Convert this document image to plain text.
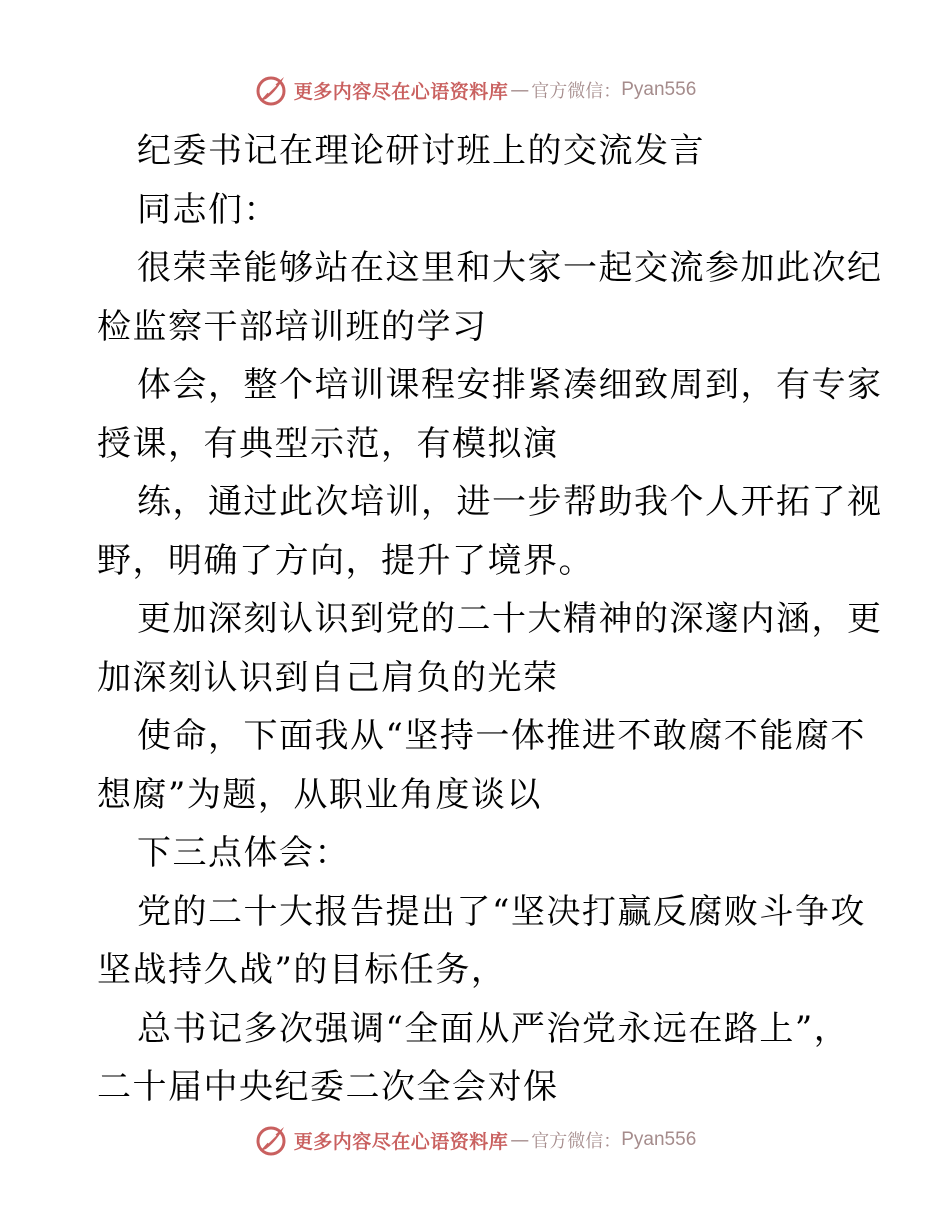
更多内容尽在心语资料库 — 官方微信： Pyan556
纪委书记在理论研讨班上的交流发言
同志们：
很荣幸能够站在这里和大家一起交流参加此次纪
检监察干部培训班的学习
体会，整个培训课程安排紧凑细致周到，有专家
授课，有典型示范，有模拟演
练，通过此次培训，进一步帮助我个人开拓了视
野，明确了方向，提升了境界。
更加深刻认识到党的二十大精神的深邃内涵，更
加深刻认识到自己肩负的光荣
使命，下面我从“坚持一体推进不敢腐不能腐不
想腐”为题，从职业角度谈以
下三点体会：
党的二十大报告提出了“坚决打赢反腐败斗争攻
坚战持久战”的目标任务，
总书记多次强调“全面从严治党永远在路上”，
二十届中央纪委二次全会对保
更多内容尽在心语资料库 — 官方微信： Pyan556
